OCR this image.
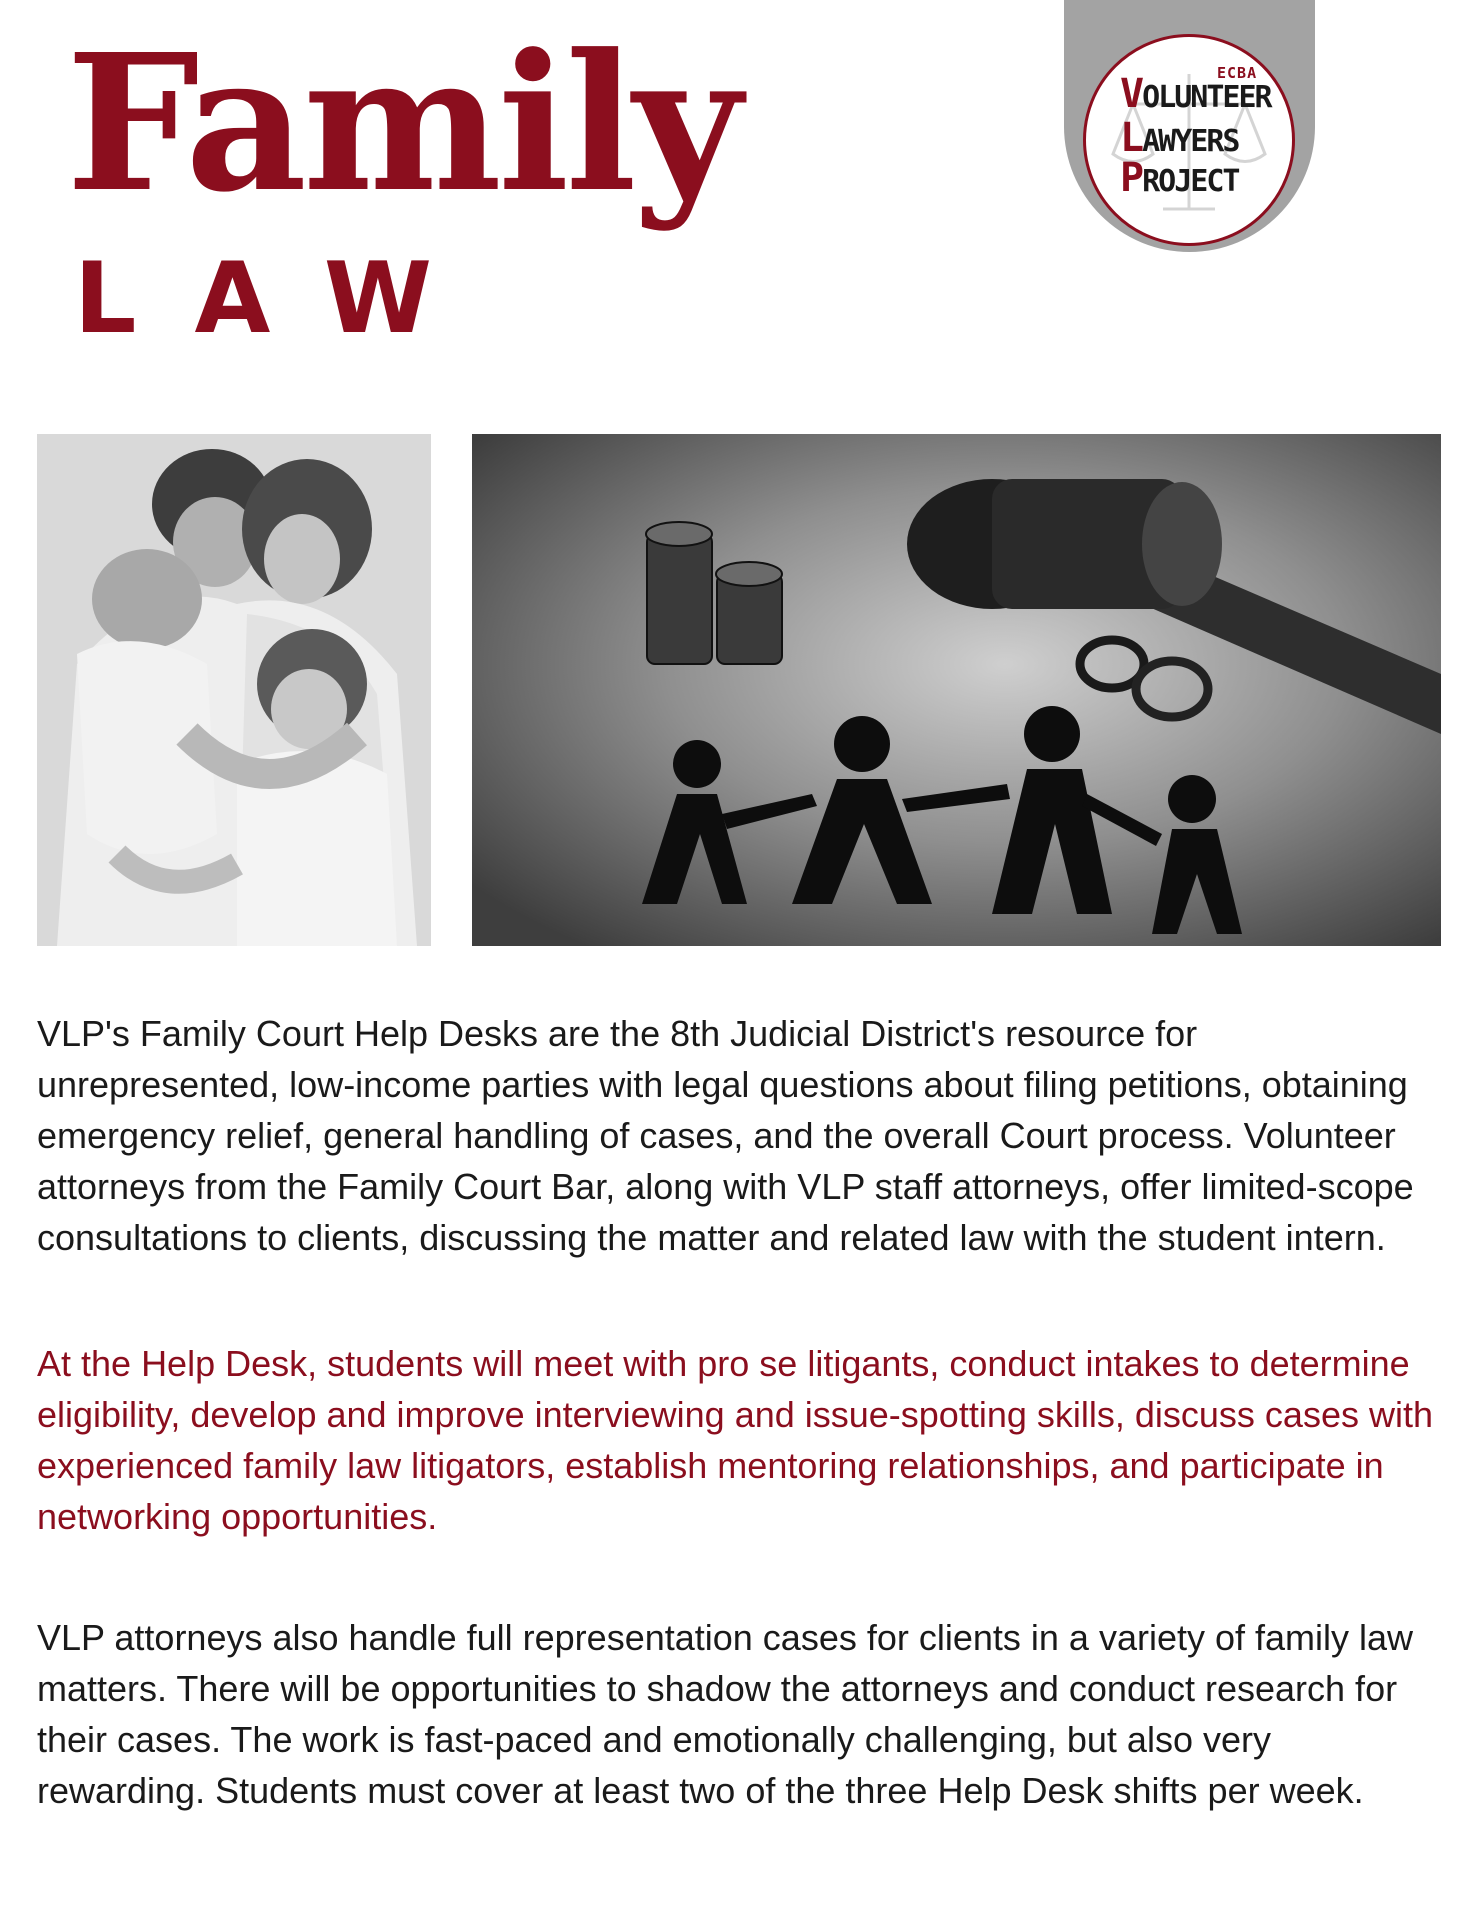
Family
LAW
ECBA
VOLUNTEER
LAWYERS
PROJECT

VLP's Family Court Help Desks are the 8th Judicial District's resource for unrepresented, low-income parties with legal questions about filing petitions, obtaining emergency relief, general handling of cases, and the overall Court process. Volunteer attorneys from the Family Court Bar, along with VLP staff attorneys, offer limited-scope consultations to clients, discussing the matter and related law with the student intern.

At the Help Desk, students will meet with pro se litigants, conduct intakes to determine eligibility, develop and improve interviewing and issue-spotting skills, discuss cases with experienced family law litigators, establish mentoring relationships, and participate in networking opportunities.

VLP attorneys also handle full representation cases for clients in a variety of family law matters. There will be opportunities to shadow the attorneys and conduct research for their cases. The work is fast-paced and emotionally challenging, but also very rewarding. Students must cover at least two of the three Help Desk shifts per week.
